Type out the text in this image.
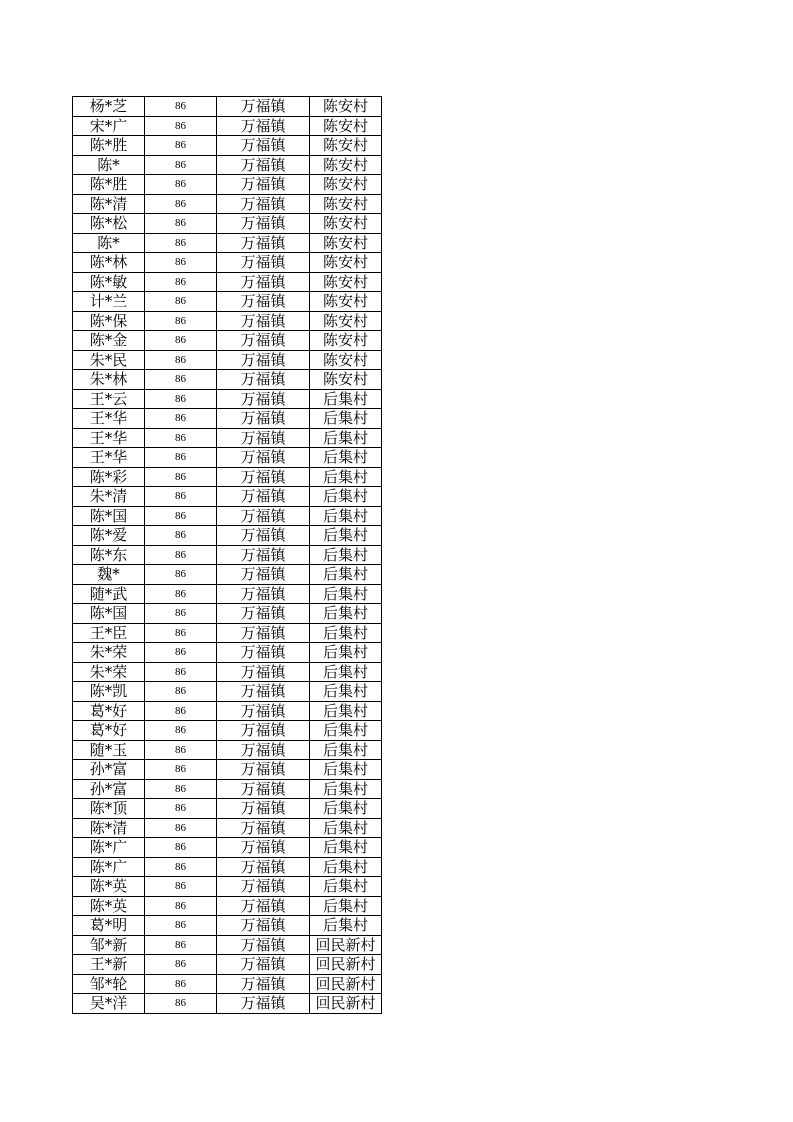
杨*芝	86	万福镇	陈安村
宋*广	86	万福镇	陈安村
陈*胜	86	万福镇	陈安村
陈*	86	万福镇	陈安村
陈*胜	86	万福镇	陈安村
陈*清	86	万福镇	陈安村
陈*松	86	万福镇	陈安村
陈*	86	万福镇	陈安村
陈*林	86	万福镇	陈安村
陈*敏	86	万福镇	陈安村
计*兰	86	万福镇	陈安村
陈*保	86	万福镇	陈安村
陈*金	86	万福镇	陈安村
朱*民	86	万福镇	陈安村
朱*林	86	万福镇	陈安村
王*云	86	万福镇	后集村
王*华	86	万福镇	后集村
王*华	86	万福镇	后集村
王*华	86	万福镇	后集村
陈*彩	86	万福镇	后集村
朱*清	86	万福镇	后集村
陈*国	86	万福镇	后集村
陈*爱	86	万福镇	后集村
陈*东	86	万福镇	后集村
魏*	86	万福镇	后集村
随*武	86	万福镇	后集村
陈*国	86	万福镇	后集村
王*臣	86	万福镇	后集村
朱*荣	86	万福镇	后集村
朱*荣	86	万福镇	后集村
陈*凯	86	万福镇	后集村
葛*好	86	万福镇	后集村
葛*好	86	万福镇	后集村
随*玉	86	万福镇	后集村
孙*富	86	万福镇	后集村
孙*富	86	万福镇	后集村
陈*顶	86	万福镇	后集村
陈*清	86	万福镇	后集村
陈*广	86	万福镇	后集村
陈*广	86	万福镇	后集村
陈*英	86	万福镇	后集村
陈*英	86	万福镇	后集村
葛*明	86	万福镇	后集村
邹*新	86	万福镇	回民新村
王*新	86	万福镇	回民新村
邹*轮	86	万福镇	回民新村
吴*洋	86	万福镇	回民新村
